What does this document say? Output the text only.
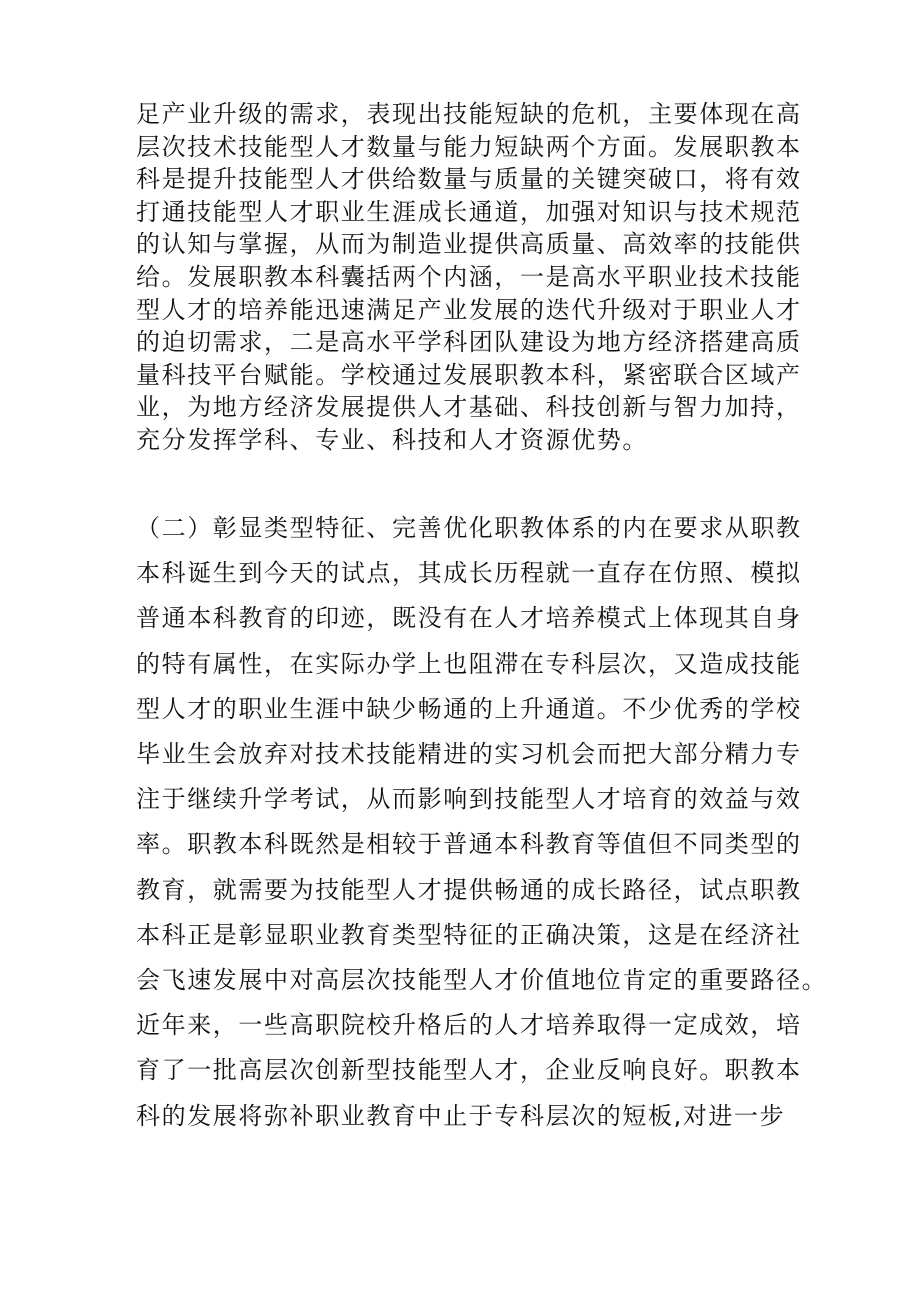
足产业升级的需求，表现出技能短缺的危机，主要体现在高
层次技术技能型人才数量与能力短缺两个方面。发展职教本
科是提升技能型人才供给数量与质量的关键突破口，将有效
打通技能型人才职业生涯成长通道，加强对知识与技术规范
的认知与掌握，从而为制造业提供高质量、高效率的技能供
给。发展职教本科囊括两个内涵，一是高水平职业技术技能
型人才的培养能迅速满足产业发展的迭代升级对于职业人才
的迫切需求，二是高水平学科团队建设为地方经济搭建高质
量科技平台赋能。学校通过发展职教本科，紧密联合区域产
业，为地方经济发展提供人才基础、科技创新与智力加持，
充分发挥学科、专业、科技和人才资源优势。

（二）彰显类型特征、完善优化职教体系的内在要求从职教
本科诞生到今天的试点，其成长历程就一直存在仿照、模拟
普通本科教育的印迹，既没有在人才培养模式上体现其自身
的特有属性，在实际办学上也阻滞在专科层次，又造成技能
型人才的职业生涯中缺少畅通的上升通道。不少优秀的学校
毕业生会放弃对技术技能精进的实习机会而把大部分精力专
注于继续升学考试，从而影响到技能型人才培育的效益与效
率。职教本科既然是相较于普通本科教育等值但不同类型的
教育，就需要为技能型人才提供畅通的成长路径，试点职教
本科正是彰显职业教育类型特征的正确决策，这是在经济社
会飞速发展中对高层次技能型人才价值地位肯定的重要路径。
近年来，一些高职院校升格后的人才培养取得一定成效，培
育了一批高层次创新型技能型人才，企业反响良好。职教本
科的发展将弥补职业教育中止于专科层次的短板,对进一步
